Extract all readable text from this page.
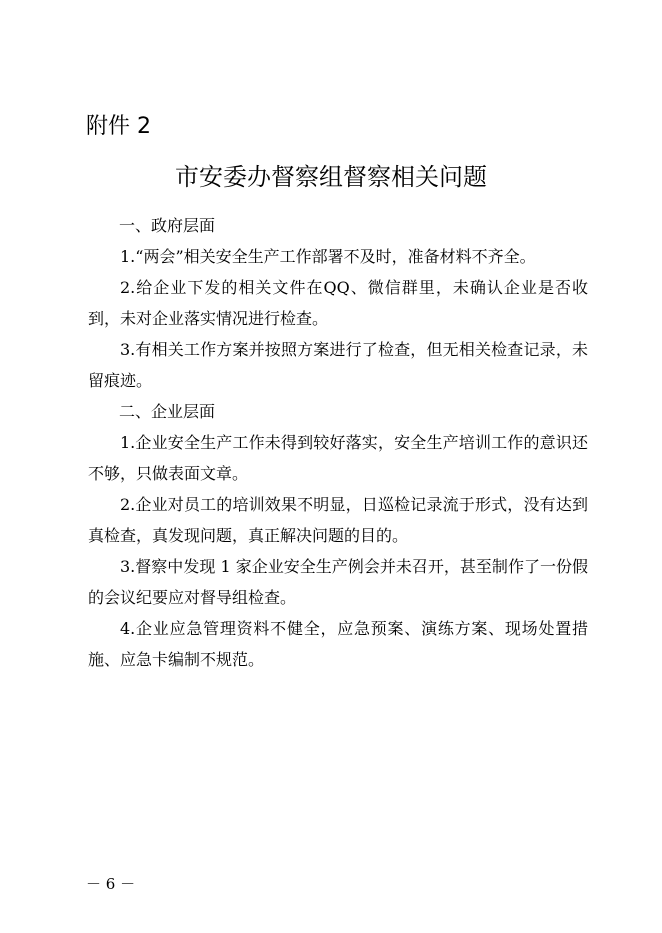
附件 2
市安委办督察组督察相关问题

一、政府层面

1.“两会”相关安全生产工作部署不及时，准备材料不齐全。

2.给企业下发的相关文件在QQ、微信群里，未确认企业是否收到，未对企业落实情况进行检查。

3.有相关工作方案并按照方案进行了检查，但无相关检查记录，未留痕迹。

二、企业层面

1.企业安全生产工作未得到较好落实，安全生产培训工作的意识还不够，只做表面文章。

2.企业对员工的培训效果不明显，日巡检记录流于形式，没有达到真检查，真发现问题，真正解决问题的目的。

3.督察中发现 1 家企业安全生产例会并未召开，甚至制作了一份假的会议纪要应对督导组检查。

4.企业应急管理资料不健全，应急预案、演练方案、现场处置措施、应急卡编制不规范。

－ 6 －
